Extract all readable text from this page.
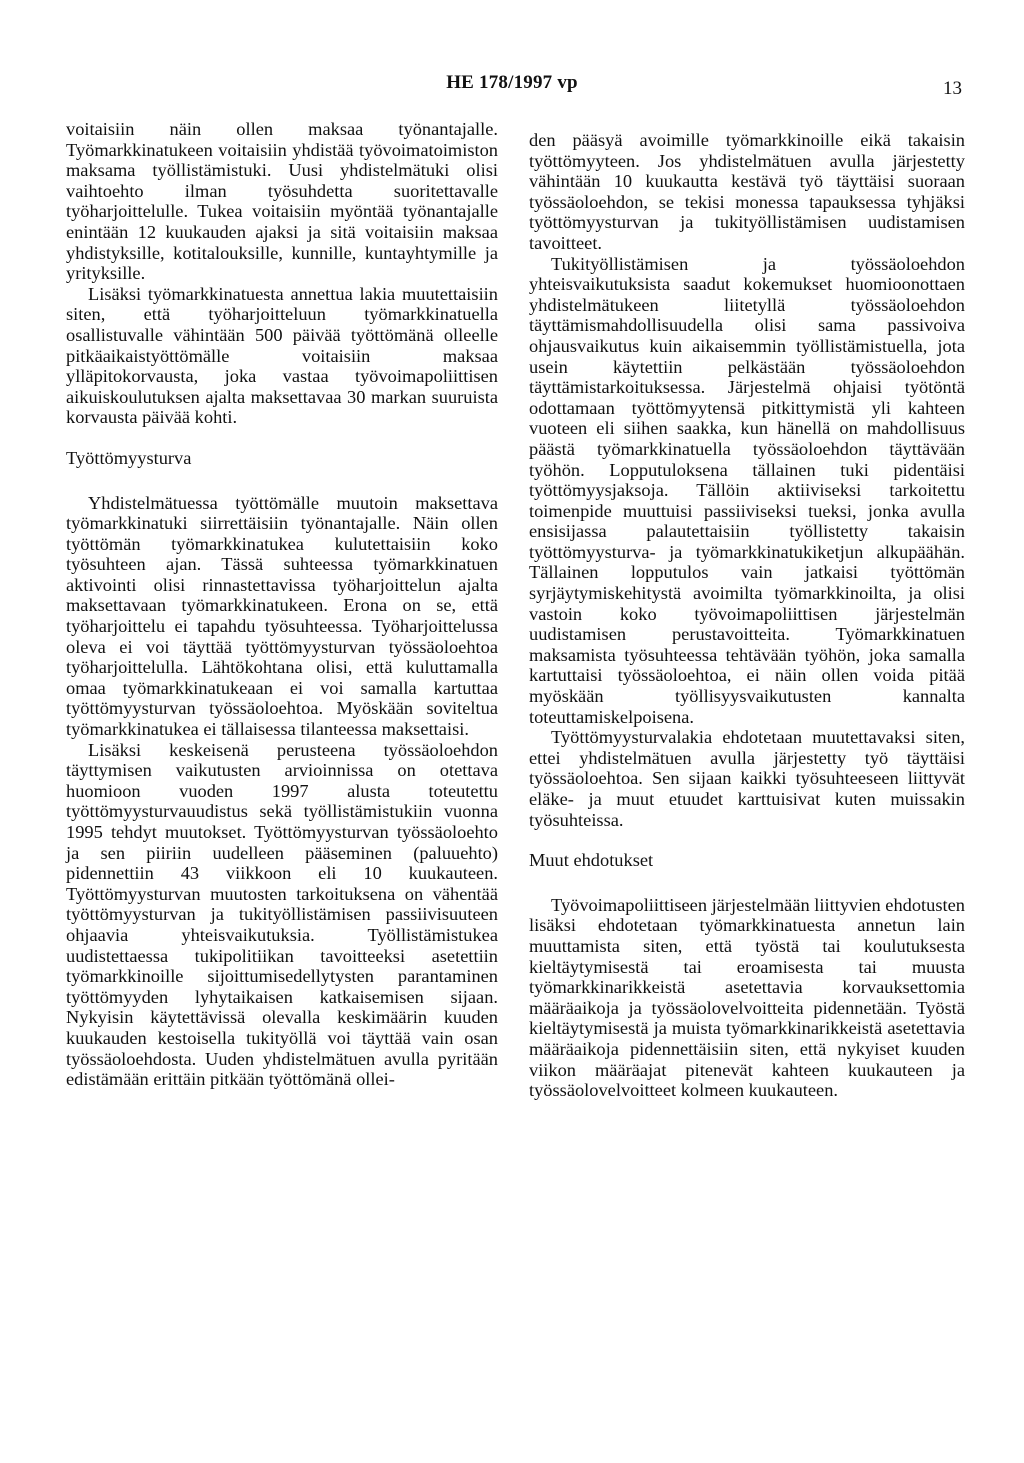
HE 178/1997 vp	13

voitaisiin näin ollen maksaa työnantajalle. Työmarkkinatukeen voitaisiin yhdistää työvoimatoimiston maksama työllistämistuki. Uusi yhdistelmätuki olisi vaihtoehto ilman työsuhdetta suoritettavalle työharjoittelulle. Tukea voitaisiin myöntää työnantajalle enintään 12 kuukauden ajaksi ja sitä voitaisiin maksaa yhdistyksille, kotitalouksille, kunnille, kuntayhtymille ja yrityksille.

Lisäksi työmarkkinatuesta annettua lakia muutettaisiin siten, että työharjoitteluun työmarkkinatuella osallistuvalle vähintään 500 päivää työttömänä olleelle pitkäaikaistyöttömälle voitaisiin maksaa ylläpitokorvausta, joka vastaa työvoimapoliittisen aikuiskoulutuksen ajalta maksettavaa 30 markan suuruista korvausta päivää kohti.

Työttömyysturva

Yhdistelmätuessa työttömälle muutoin maksettava työmarkkinatuki siirrettäisiin työnantajalle. Näin ollen työttömän työmarkkinatukea kulutettaisiin koko työsuhteen ajan. Tässä suhteessa työmarkkinatuen aktivointi olisi rinnastettavissa työharjoittelun ajalta maksettavaan työmarkkinatukeen. Erona on se, että työharjoittelu ei tapahdu työsuhteessa. Työharjoittelussa oleva ei voi täyttää työttömyysturvan työssäoloehtoa työharjoittelulla. Lähtökohtana olisi, että kuluttamalla omaa työmarkkinatukeaan ei voi samalla kartuttaa työttömyysturvan työssäoloehtoa. Myöskään soviteltua työmarkkinatukea ei tällaisessa tilanteessa maksettaisi.

Lisäksi keskeisenä perusteena työssäoloehdon täyttymisen vaikutusten arvioinnissa on otettava huomioon vuoden 1997 alusta toteutettu työttömyysturvauudistus sekä työllistämistukiin vuonna 1995 tehdyt muutokset. Työttömyysturvan työssäoloehto ja sen piiriin uudelleen pääseminen (paluuehto) pidennettiin 43 viikkoon eli 10 kuukauteen. Työttömyysturvan muutosten tarkoituksena on vähentää työttömyysturvan ja tukityöllistämisen passiivisuuteen ohjaavia yhteisvaikutuksia. Työllistämistukea uudistettaessa tukipolitiikan tavoitteeksi asetettiin työmarkkinoille sijoittumisedellytysten parantaminen työttömyyden lyhytaikaisen katkaisemisen sijaan. Nykyisin käytettävissä olevalla keskimäärin kuuden kuukauden kestoisella tukityöllä voi täyttää vain osan työssäoloehdosta. Uuden yhdistelmätuen avulla pyritään edistämään erittäin pitkään työttömänä ollei-

den pääsyä avoimille työmarkkinoille eikä takaisin työttömyyteen. Jos yhdistelmätuen avulla järjestetty vähintään 10 kuukautta kestävä työ täyttäisi suoraan työssäoloehdon, se tekisi monessa tapauksessa tyhjäksi työttömyysturvan ja tukityöllistämisen uudistamisen tavoitteet.

Tukityöllistämisen ja työssäoloehdon yhteisvaikutuksista saadut kokemukset huomioonottaen yhdistelmätukeen liitetyllä työssäoloehdon täyttämismahdollisuudella olisi sama passivoiva ohjausvaikutus kuin aikaisemmin työllistämistuella, jota usein käytettiin pelkästään työssäoloehdon täyttämistarkoituksessa. Järjestelmä ohjaisi työtöntä odottamaan työttömyytensä pitkittymistä yli kahteen vuoteen eli siihen saakka, kun hänellä on mahdollisuus päästä työmarkkinatuella työssäoloehdon täyttävään työhön. Lopputuloksena tällainen tuki pidentäisi työttömyysjaksoja. Tällöin aktiiviseksi tarkoitettu toimenpide muuttuisi passiiviseksi tueksi, jonka avulla ensisijassa palautettaisiin työllistetty takaisin työttömyysturva- ja työmarkkinatukiketjun alkupäähän. Tällainen lopputulos vain jatkaisi työttömän syrjäytymiskehitystä avoimilta työmarkkinoilta, ja olisi vastoin koko työvoimapoliittisen järjestelmän uudistamisen perustavoitteita. Työmarkkinatuen maksamista työsuhteessa tehtävään työhön, joka samalla kartuttaisi työssäoloehtoa, ei näin ollen voida pitää myöskään työllisyysvaikutusten kannalta toteuttamiskelpoisena.

Työttömyysturvalakia ehdotetaan muutettavaksi siten, ettei yhdistelmätuen avulla järjestetty työ täyttäisi työssäoloehtoa. Sen sijaan kaikki työsuhteeseen liittyvät eläke- ja muut etuudet karttuisivat kuten muissakin työsuhteissa.

Muut ehdotukset

Työvoimapoliittiseen järjestelmään liittyvien ehdotusten lisäksi ehdotetaan työmarkkinatuesta annetun lain muuttamista siten, että työstä tai koulutuksesta kieltäytymisestä tai eroamisesta tai muusta työmarkkinarikkeistä asetettavia korvauksettomia määräaikoja ja työssäolovelvoitteita pidennetään. Työstä kieltäytymisestä ja muista työmarkkinarikkeistä asetettavia määräaikoja pidennettäisiin siten, että nykyiset kuuden viikon määräajat pitenevät kahteen kuukauteen ja työssäolovelvoitteet kolmeen kuukauteen.
